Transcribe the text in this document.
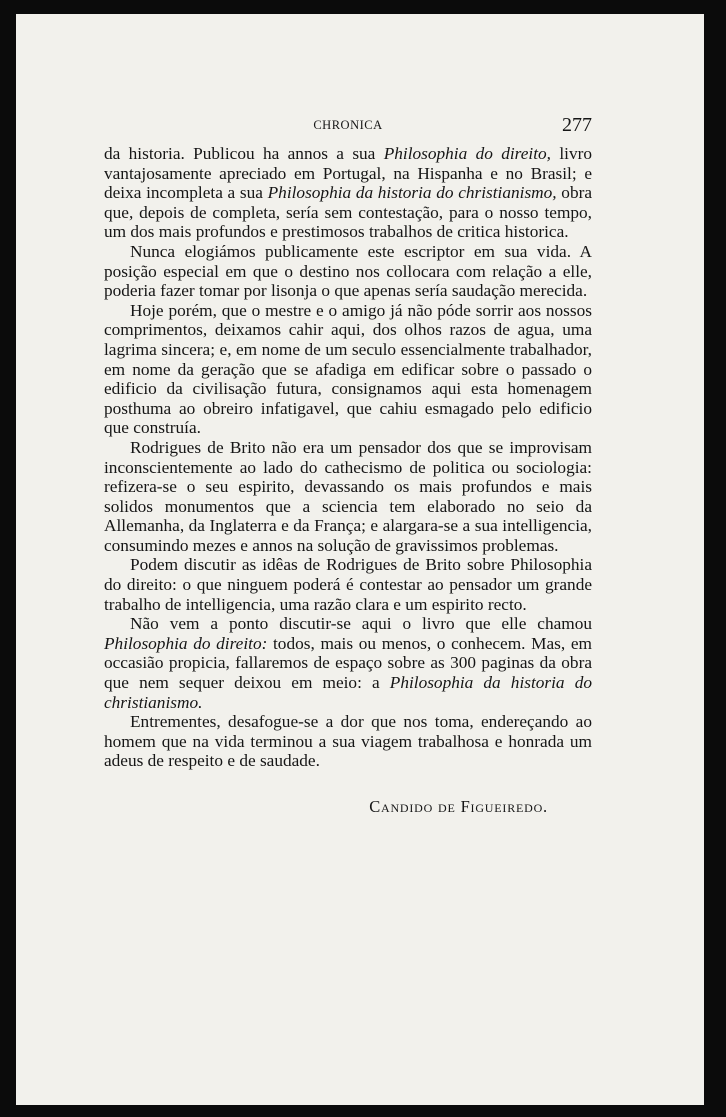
CHRONICA	277

da historia. Publicou ha annos a sua Philosophia do direito, livro vantajosamente apreciado em Portugal, na Hispanha e no Brasil; e deixa incompleta a sua Philosophia da historia do christianismo, obra que, depois de completa, sería sem contestação, para o nosso tempo, um dos mais profundos e prestimosos trabalhos de critica historica.

Nunca elogiámos publicamente este escriptor em sua vida. A posição especial em que o destino nos collocara com relação a elle, poderia fazer tomar por lisonja o que apenas sería saudação merecida.

Hoje porém, que o mestre e o amigo já não póde sorrir aos nossos comprimentos, deixamos cahir aqui, dos olhos razos de agua, uma lagrima sincera; e, em nome de um seculo essencialmente trabalhador, em nome da geração que se afadiga em edificar sobre o passado o edificio da civilisação futura, consignamos aqui esta homenagem posthuma ao obreiro infatigavel, que cahiu esmagado pelo edificio que construía.

Rodrigues de Brito não era um pensador dos que se improvisam inconscientemente ao lado do cathecismo de politica ou sociologia: refizera-se o seu espirito, devassando os mais profundos e mais solidos monumentos que a sciencia tem elaborado no seio da Allemanha, da Inglaterra e da França; e alargara-se a sua intelligencia, consumindo mezes e annos na solução de gravissimos problemas.

Podem discutir as idêas de Rodrigues de Brito sobre Philosophia do direito: o que ninguem poderá é contestar ao pensador um grande trabalho de intelligencia, uma razão clara e um espirito recto.

Não vem a ponto discutir-se aqui o livro que elle chamou Philosophia do direito: todos, mais ou menos, o conhecem. Mas, em occasião propicia, fallaremos de espaço sobre as 300 paginas da obra que nem sequer deixou em meio: a Philosophia da historia do christianismo.

Entrementes, desafogue-se a dor que nos toma, endereçando ao homem que na vida terminou a sua viagem trabalhosa e honrada um adeus de respeito e de saudade.

Candido de Figueiredo.
